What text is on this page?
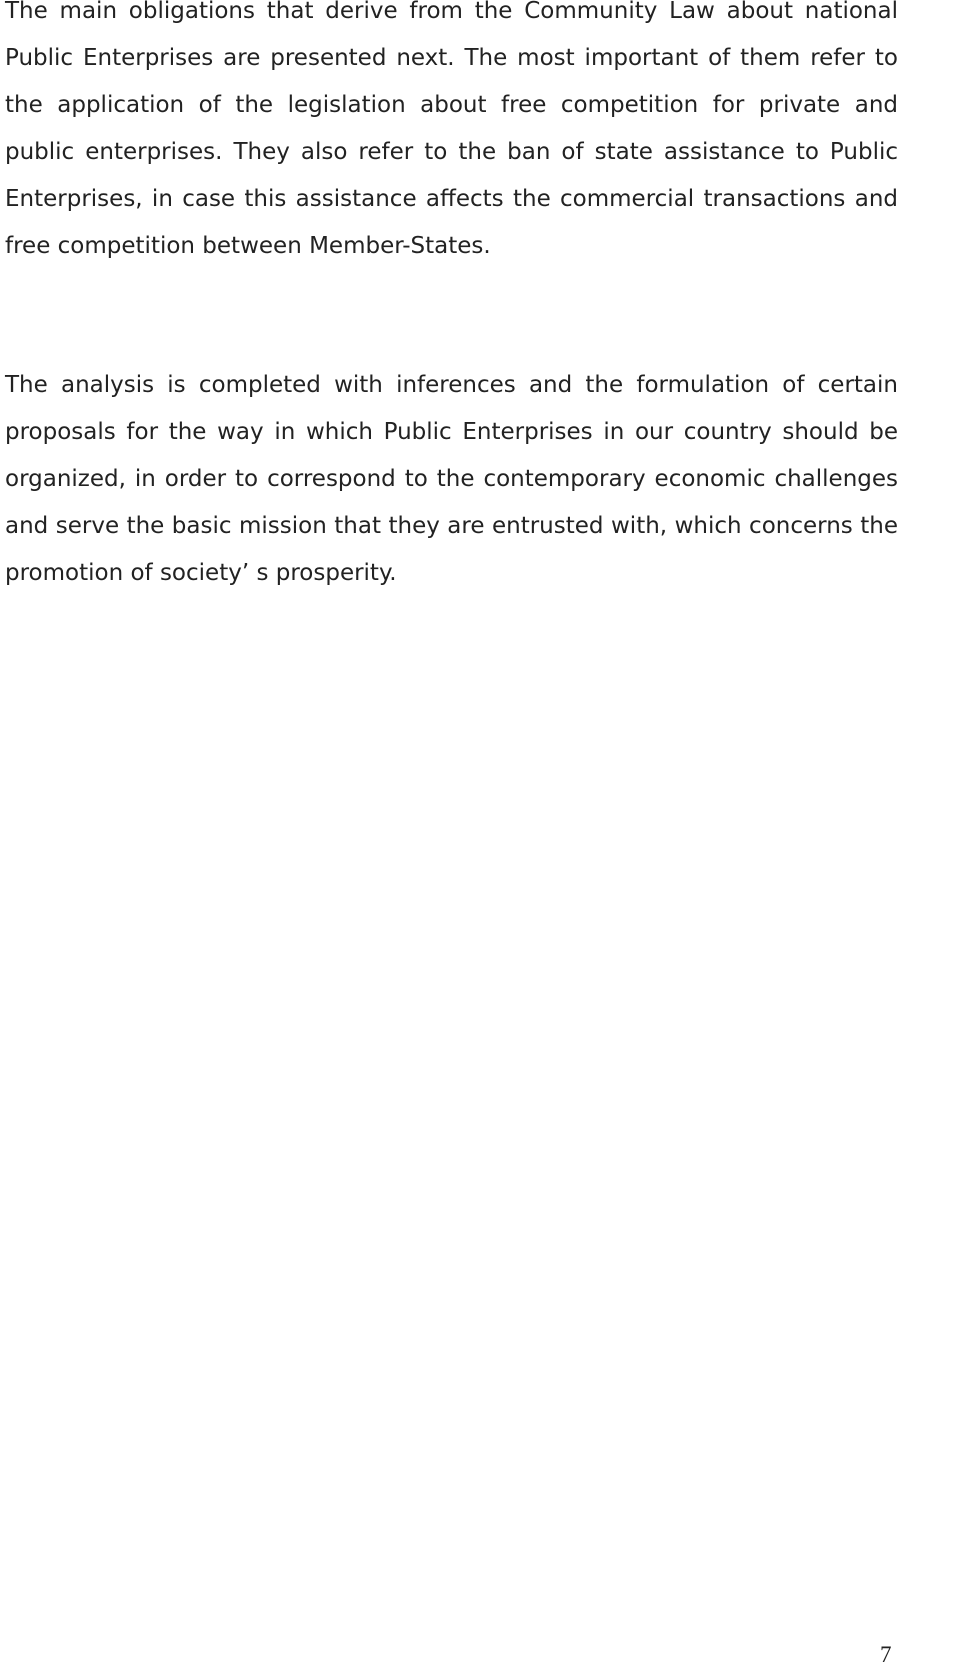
The main obligations that derive from the Community Law about national Public Enterprises are presented next. The most important of them refer to the application of the legislation about free competition for private and public enterprises. They also refer to the ban of state assistance to Public Enterprises, in case this assistance affects the commercial transactions and free competition between Member-States.

The analysis is completed with inferences and the formulation of certain proposals for the way in which Public Enterprises in our country should be organized, in order to correspond to the contemporary economic challenges and serve the basic mission that they are entrusted with, which concerns the promotion of society’ s prosperity.

7
